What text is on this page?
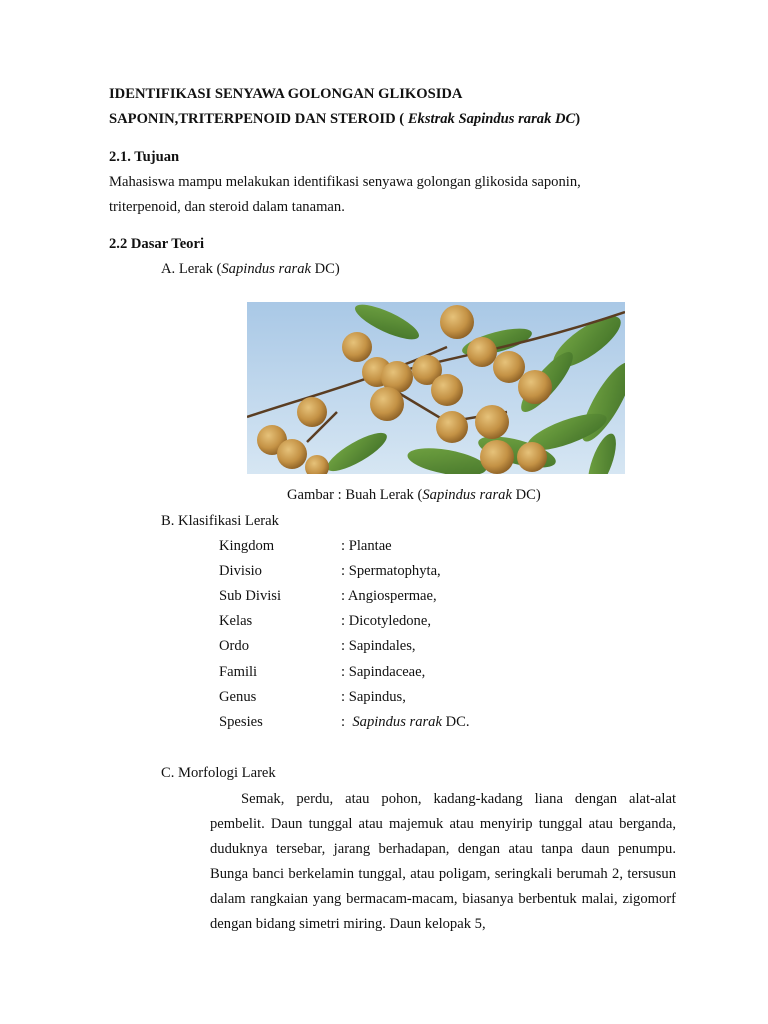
IDENTIFIKASI SENYAWA GOLONGAN GLIKOSIDA
SAPONIN,TRITERPENOID DAN STEROID ( Ekstrak Sapindus rarak DC)
2.1. Tujuan
Mahasiswa mampu melakukan identifikasi senyawa golongan glikosida saponin,
triterpenoid, dan steroid dalam tanaman.
2.2 Dasar Teori
A. Lerak (Sapindus rarak DC)
Gambar : Buah Lerak (Sapindus rarak DC)
B. Klasifikasi Lerak
Kingdom	: Plantae
Divisio	: Spermatophyta,
Sub Divisi	: Angiospermae,
Kelas	: Dicotyledone,
Ordo	: Sapindales,
Famili	: Sapindaceae,
Genus	: Sapindus,
Spesies	:  Sapindus rarak DC.
C. Morfologi Larek
Semak, perdu, atau pohon, kadang-kadang liana dengan alat-alat pembelit. Daun tunggal atau majemuk atau menyirip tunggal atau berganda, duduknya tersebar, jarang berhadapan, dengan atau tanpa daun penumpu. Bunga banci berkelamin tunggal, atau poligam, seringkali berumah 2, tersusun dalam rangkaian yang bermacam-macam, biasanya berbentuk malai, zigomorf dengan bidang simetri miring. Daun kelopak 5,
